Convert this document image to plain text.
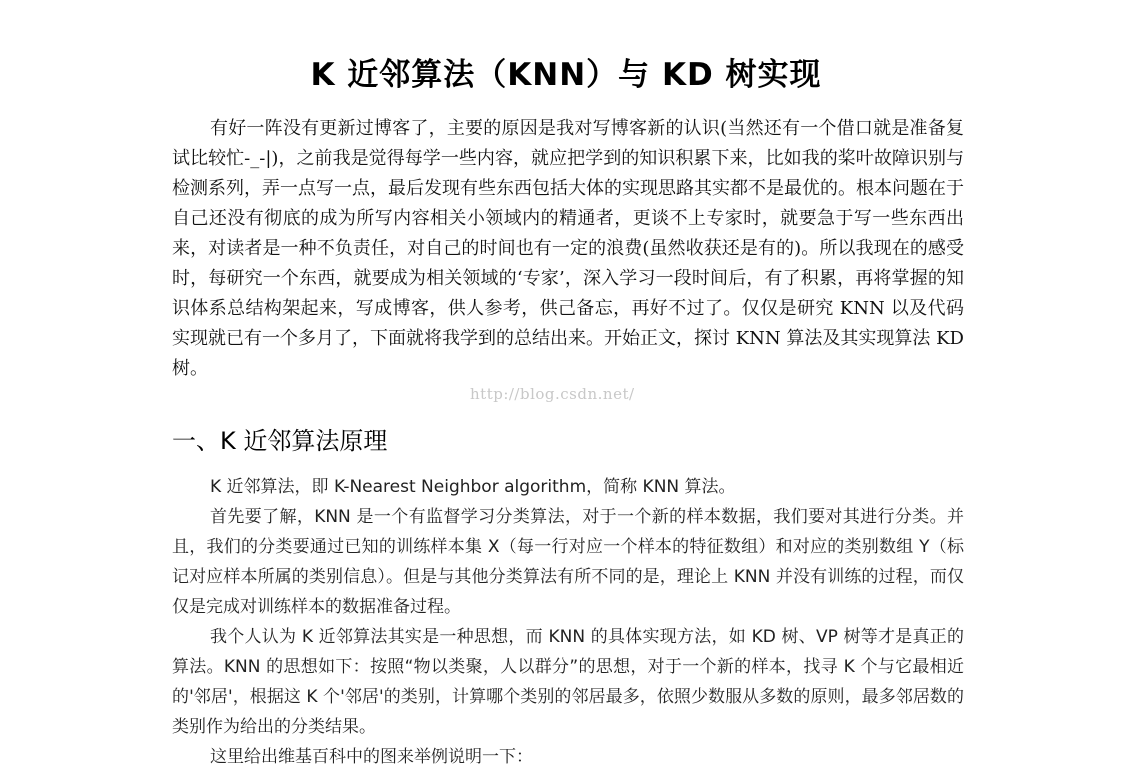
K 近邻算法（KNN）与 KD 树实现

有好一阵没有更新过博客了，主要的原因是我对写博客新的认识(当然还有一个借口就是准备复试比较忙-_-|)，之前我是觉得每学一些内容，就应把学到的知识积累下来，比如我的桨叶故障识别与检测系列，弄一点写一点，最后发现有些东西包括大体的实现思路其实都不是最优的。根本问题在于自己还没有彻底的成为所写内容相关小领域内的精通者，更谈不上专家时，就要急于写一些东西出来，对读者是一种不负责任，对自己的时间也有一定的浪费(虽然收获还是有的)。所以我现在的感受时，每研究一个东西，就要成为相关领域的‘专家’，深入学习一段时间后，有了积累，再将掌握的知识体系总结构架起来，写成博客，供人参考，供己备忘，再好不过了。仅仅是研究 KNN 以及代码实现就已有一个多月了，下面就将我学到的总结出来。开始正文，探讨 KNN 算法及其实现算法 KD 树。

http://blog.csdn.net/
一、K 近邻算法原理

K 近邻算法，即 K-Nearest Neighbor algorithm，简称 KNN 算法。

首先要了解，KNN 是一个有监督学习分类算法，对于一个新的样本数据，我们要对其进行分类。并且，我们的分类要通过已知的训练样本集 X（每一行对应一个样本的特征数组）和对应的类别数组 Y（标记对应样本所属的类别信息）。但是与其他分类算法有所不同的是，理论上 KNN 并没有训练的过程，而仅仅是完成对训练样本的数据准备过程。

我个人认为 K 近邻算法其实是一种思想，而 KNN 的具体实现方法，如 KD 树、VP 树等才是真正的算法。KNN 的思想如下：按照“物以类聚，人以群分”的思想，对于一个新的样本，找寻 K 个与它最相近的'邻居'，根据这 K 个'邻居'的类别，计算哪个类别的邻居最多，依照少数服从多数的原则，最多邻居数的类别作为给出的分类结果。

这里给出维基百科中的图来举例说明一下：
